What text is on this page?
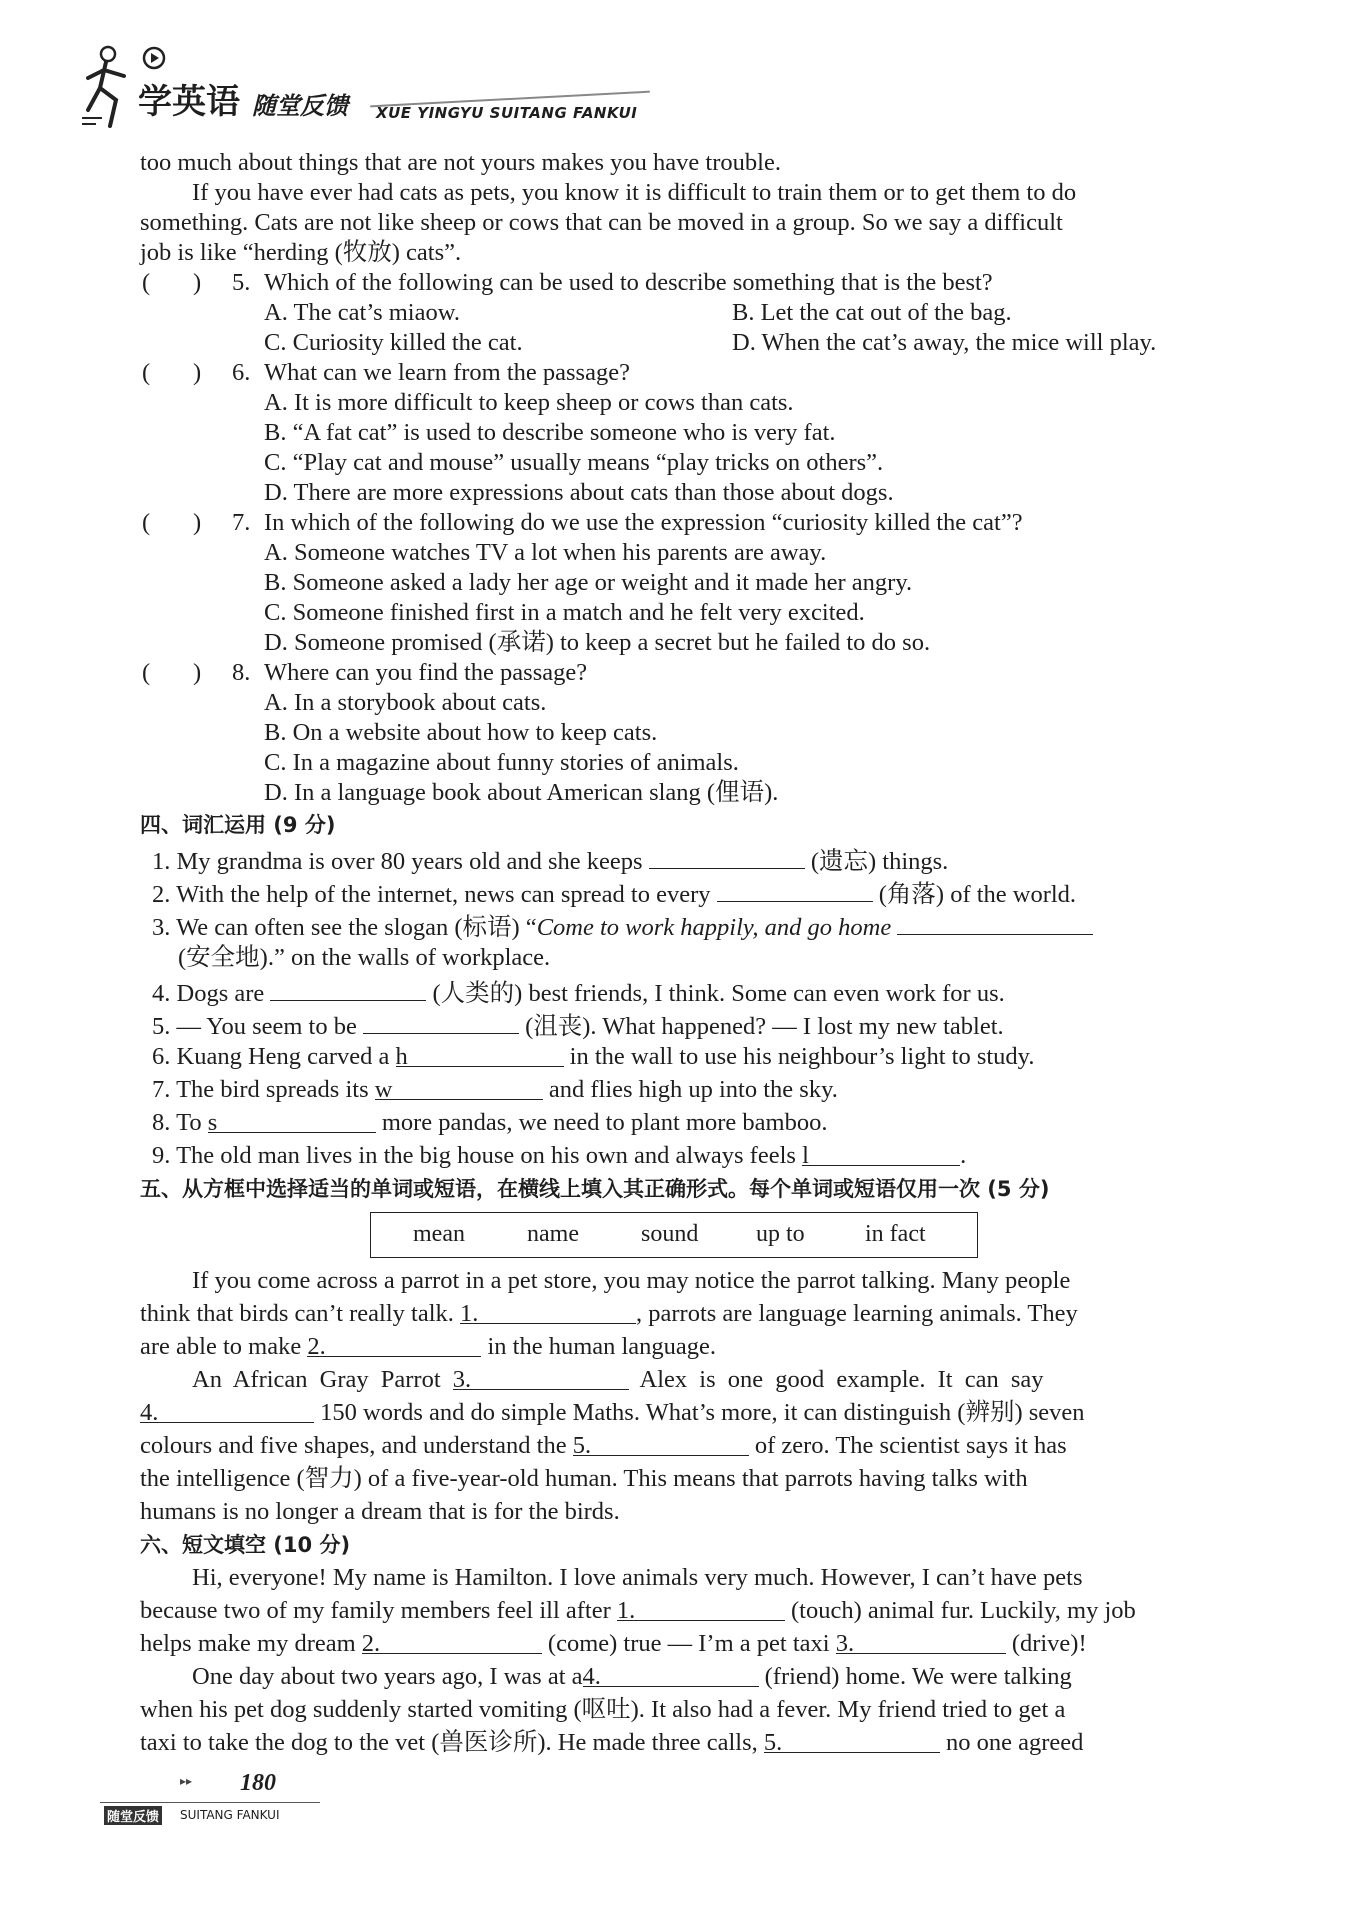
学英语 随堂反馈 XUE YINGYU SUITANG FANKUI
too much about things that are not yours makes you have trouble.
If you have ever had cats as pets, you know it is difficult to train them or to get them to do
something. Cats are not like sheep or cows that can be moved in a group. So we say a difficult
job is like “herding (牧放) cats”.
(       ) 5. Which of the following can be used to describe something that is the best?
A. The cat’s miaow.	B. Let the cat out of the bag.
C. Curiosity killed the cat.	D. When the cat’s away, the mice will play.
(       ) 6. What can we learn from the passage?
A. It is more difficult to keep sheep or cows than cats.
B. “A fat cat” is used to describe someone who is very fat.
C. “Play cat and mouse” usually means “play tricks on others”.
D. There are more expressions about cats than those about dogs.
(       ) 7. In which of the following do we use the expression “curiosity killed the cat”?
A. Someone watches TV a lot when his parents are away.
B. Someone asked a lady her age or weight and it made her angry.
C. Someone finished first in a match and he felt very excited.
D. Someone promised (承诺) to keep a secret but he failed to do so.
(       ) 8. Where can you find the passage?
A. In a storybook about cats.
B. On a website about how to keep cats.
C. In a magazine about funny stories of animals.
D. In a language book about American slang (俚语).
四、词汇运用 (9 分)
1. My grandma is over 80 years old and she keeps	(遗忘) things.
2. With the help of the internet, news can spread to every	(角落) of the world.
3. We can often see the slogan (标语) “Come to work happily, and go home
(安全地).” on the walls of workplace.
4. Dogs are	(人类的) best friends, I think. Some can even work for us.
5. — You seem to be	(沮丧). What happened? — I lost my new tablet.
6. Kuang Heng carved a h	in the wall to use his neighbour’s light to study.
7. The bird spreads its w	and flies high up into the sky.
8. To s	more pandas, we need to plant more bamboo.
9. The old man lives in the big house on his own and always feels l	.
五、从方框中选择适当的单词或短语，在横线上填入其正确形式。每个单词或短语仅用一次 (5 分)
mean	name	sound up to	in fact
If you come across a parrot in a pet store, you may notice the parrot talking. Many people
think that birds can’t really talk. 1.	, parrots are language learning animals. They
are able to make 2.	in the human language.
An African Gray Parrot 3.	Alex is one good example. It can say
4.	150 words and do simple Maths. What’s more, it can distinguish (辨别) seven
colours and five shapes, and understand the 5.	of zero. The scientist says it has
the intelligence (智力) of a five-year-old human. This means that parrots having talks with
humans is no longer a dream that is for the birds.
六、短文填空 (10 分)
Hi, everyone! My name is Hamilton. I love animals very much. However, I can’t have pets
because two of my family members feel ill after 1.	(touch) animal fur. Luckily, my job
helps make my dream 2.	(come) true — I’m a pet taxi 3.	(drive)!
One day about two years ago, I was at a4.	(friend) home. We were talking
when his pet dog suddenly started vomiting (呕吐). It also had a fever. My friend tried to get a
taxi to take the dog to the vet (兽医诊所). He made three calls, 5.	no one agreed
▸▸ 180
随堂反馈 SUITANG FANKUI
